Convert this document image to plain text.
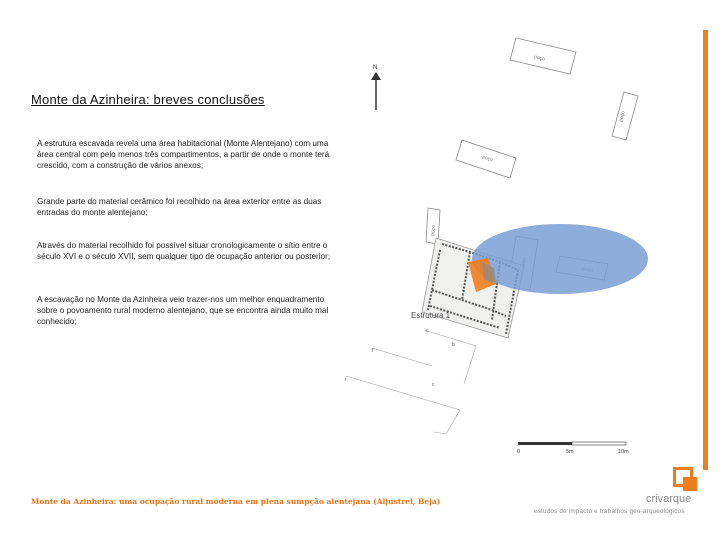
Monte da Azinheira: breves conclusões
A estrutura escavada revela uma área habitacional (Monte Alentejano) com uma área central com pelo menos três compartimentos, a partir de onde o monte terá crescido, com a construção de vários anexos;
Grande parte do material cerâmico foi recolhido na área exterior entre as duas entradas do monte alentejano;
Através do material recolhido foi possível situar cronologicamente o sítio entre o século XVI e o século XVII, sem qualquer tipo de ocupação anterior ou posterior;
A escavação no Monte da Azinheira veio trazer-nos um melhor enquadramento sobre o povoamento rural moderno alentejano, que se encontra ainda muito mal conhecido;
N
poço
poço
poço
poço
Estrutura 1
c
b
c
f
r
0	5m	10m
Monte da Azinheira: uma ocupação rural moderna em plena sumpção alentejana (Aljustrel, Beja)	crivarque
estudos de impacto e trabalhos geo-arqueológicos
